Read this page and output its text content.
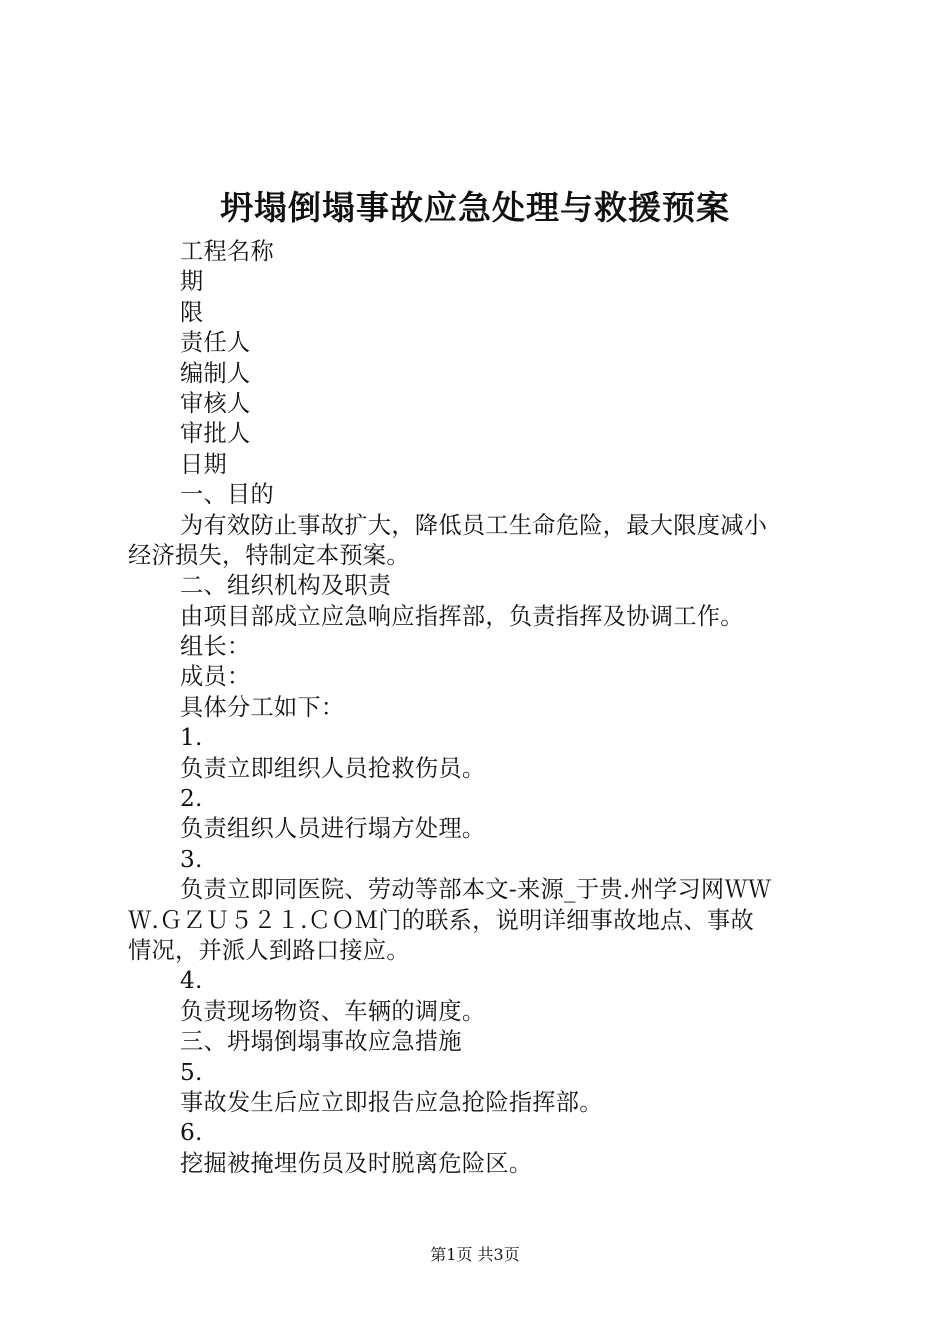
坍塌倒塌事故应急处理与救援预案
工程名称
期
限
责任人
编制人
审核人
审批人
日期
一、目的
为有效防止事故扩大，降低员工生命危险，最大限度减小
经济损失，特制定本预案。
二、组织机构及职责
由项目部成立应急响应指挥部，负责指挥及协调工作。
组长：
成员：
具体分工如下：
1.
负责立即组织人员抢救伤员。
2.
负责组织人员进行塌方处理。
3.
负责立即同医院、劳动等部本文-来源_于贵.州学习网ＷＷ
Ｗ.ＧＺＵ５２１.ＣＯＭ门的联系，说明详细事故地点、事故
情况，并派人到路口接应。
4.
负责现场物资、车辆的调度。
三、坍塌倒塌事故应急措施
5.
事故发生后应立即报告应急抢险指挥部。
6.
挖掘被掩埋伤员及时脱离危险区。
第1页 共3页
